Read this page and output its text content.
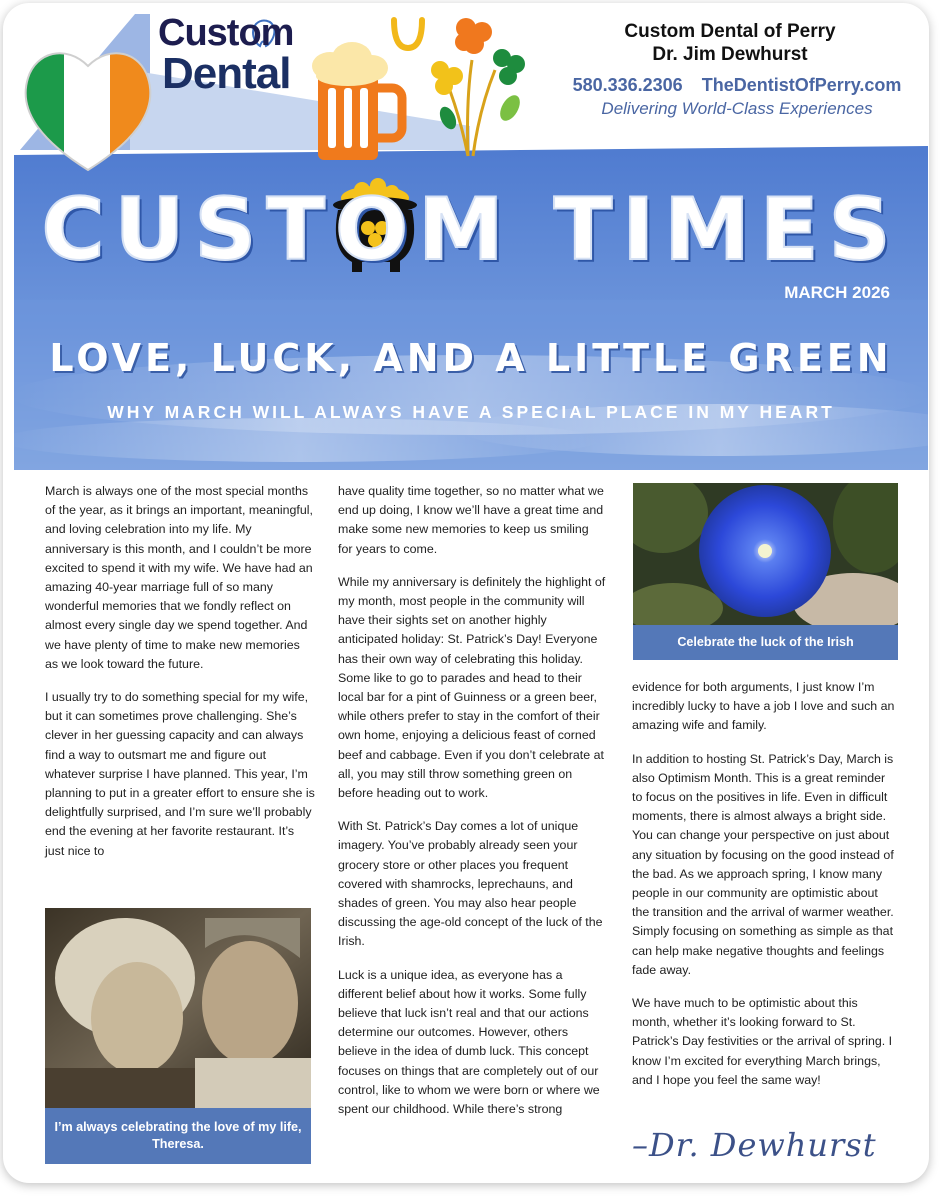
Custom
Dental
Custom Dental of Perry
Dr. Jim Dewhurst
580.336.2306 TheDentistOfPerry.com
Delivering World-Class Experiences
CUSTOM TIMES
MARCH 2026
LOVE, LUCK, AND A LITTLE GREEN
WHY MARCH WILL ALWAYS HAVE A SPECIAL PLACE IN MY HEART

March is always one of the most special months of the year, as it brings an important, meaningful, and loving celebration into my life. My anniversary is this month, and I couldn’t be more excited to spend it with my wife. We have had an amazing 40-year marriage full of so many wonderful memories that we fondly reflect on almost every single day we spend together. And we have plenty of time to make new memories as we look toward the future.

I usually try to do something special for my wife, but it can sometimes prove challenging. She’s clever in her guessing capacity and can always find a way to outsmart me and figure out whatever surprise I have planned. This year, I’m planning to put in a greater effort to ensure she is delightfully surprised, and I’m sure we’ll probably end the evening at her favorite restaurant. It’s just nice to

have quality time together, so no matter what we end up doing, I know we’ll have a great time and make some new memories to keep us smiling for years to come.

While my anniversary is definitely the highlight of my month, most people in the community will have their sights set on another highly anticipated holiday: St. Patrick’s Day! Everyone has their own way of celebrating this holiday. Some like to go to parades and head to their local bar for a pint of Guinness or a green beer, while others prefer to stay in the comfort of their own home, enjoying a delicious feast of corned beef and cabbage. Even if you don’t celebrate at all, you may still throw something green on before heading out to work.

With St. Patrick’s Day comes a lot of unique imagery. You’ve probably already seen your grocery store or other places you frequent covered with shamrocks, leprechauns, and shades of green. You may also hear people discussing the age-old concept of the luck of the Irish.

Luck is a unique idea, as everyone has a different belief about how it works. Some fully believe that luck isn’t real and that our actions determine our outcomes. However, others believe in the idea of dumb luck. This concept focuses on things that are completely out of our control, like to whom we were born or where we spent our childhood. While there’s strong

evidence for both arguments, I just know I’m incredibly lucky to have a job I love and such an amazing wife and family.

In addition to hosting St. Patrick’s Day, March is also Optimism Month. This is a great reminder to focus on the positives in life. Even in difficult moments, there is almost always a bright side. You can change your perspective on just about any situation by focusing on the good instead of the bad. As we approach spring, I know many people in our community are optimistic about the transition and the arrival of warmer weather. Simply focusing on something as simple as that can help make negative thoughts and feelings fade away.

We have much to be optimistic about this month, whether it’s looking forward to St. Patrick’s Day festivities or the arrival of spring. I know I’m excited for everything March brings, and I hope you feel the same way!

I’m always celebrating the love of my life, Theresa.
Celebrate the luck of the Irish
–Dr. Dewhurst
